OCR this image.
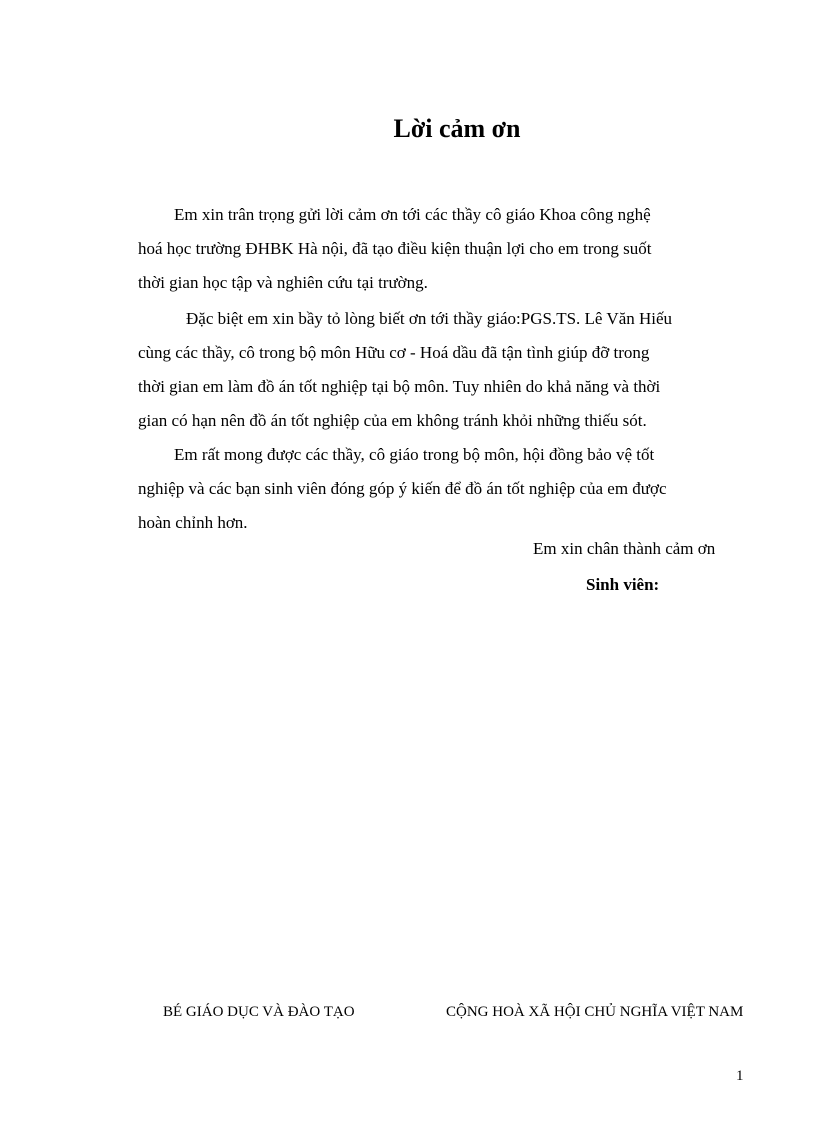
Lời cảm ơn

Em xin trân trọng gửi lời cảm ơn tới các thầy cô giáo Khoa công nghệ
hoá học trường ĐHBK Hà nội, đã tạo điều kiện thuận lợi cho em trong suốt
thời gian học tập và nghiên cứu tại trường.

Đặc biệt em xin bầy tỏ lòng biết ơn tới thầy giáo:PGS.TS. Lê Văn Hiếu
cùng các thầy, cô trong bộ môn Hữu cơ - Hoá dầu đã tận tình giúp đỡ trong
thời gian em làm đồ án tốt nghiệp tại bộ môn. Tuy nhiên do khả năng và thời
gian có hạn nên đồ án tốt nghiệp của em không tránh khỏi những thiếu sót.

Em rất mong được các thầy, cô giáo trong bộ môn, hội đồng bảo vệ tốt
nghiệp và các bạn sinh viên đóng góp ý kiến để đồ án tốt nghiệp của em được
hoàn chỉnh hơn.

Em xin chân thành cảm ơn

Sinh viên:

BÉ GIÁO DỤC VÀ ĐÀO TẠO	CỘNG HOÀ XÃ HỘI CHỦ NGHĨA VIỆT NAM

1
